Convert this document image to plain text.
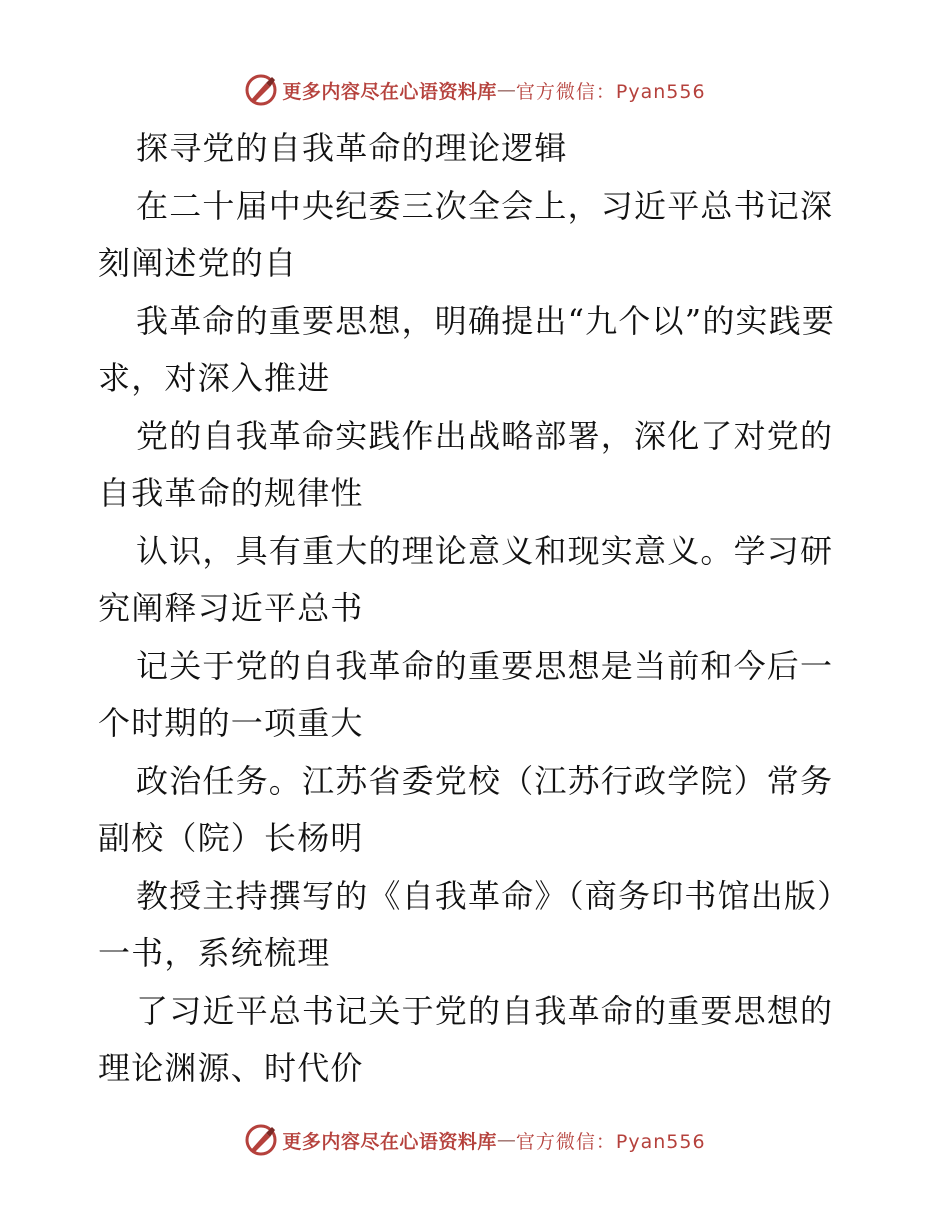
更多内容尽在心语资料库 — 官方微信：Pyan556

探寻党的自我革命的理论逻辑

在二十届中央纪委三次全会上，习近平总书记深刻阐述党的自

我革命的重要思想，明确提出“九个以”的实践要求，对深入推进

党的自我革命实践作出战略部署，深化了对党的自我革命的规律性

认识，具有重大的理论意义和现实意义。学习研究阐释习近平总书

记关于党的自我革命的重要思想是当前和今后一个时期的一项重大

政治任务。江苏省委党校（江苏行政学院）常务副校（院）长杨明

教授主持撰写的《自我革命》（商务印书馆出版）一书，系统梳理

了习近平总书记关于党的自我革命的重要思想的理论渊源、时代价

更多内容尽在心语资料库 — 官方微信：Pyan556
